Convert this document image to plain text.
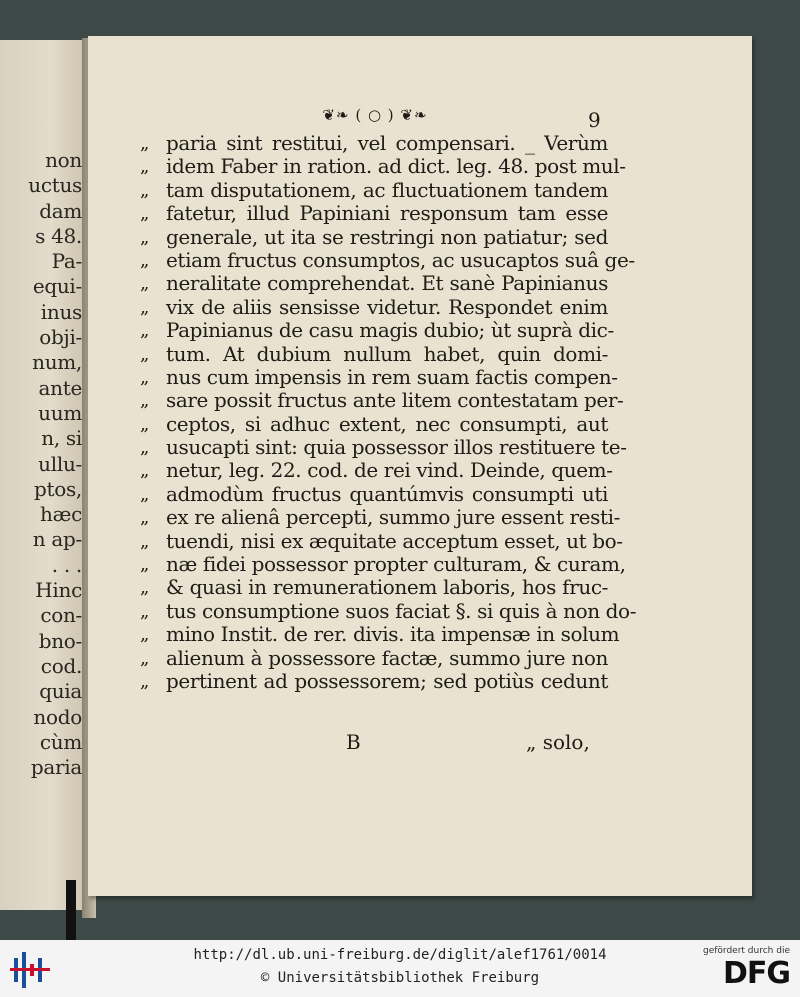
non
uctus
dam
s 48.
Pa-
equi-
inus
obji-
num,
ante
uum
n, si
ullu-
ptos,
hæc
n ap-
. . .
Hinc
con-
bno-
cod.
quia
nodo
cùm
paria
❦❧ ( ○ ) ❦❧	9
„ paria sint restitui, vel compensari. _ Verùm
„ idem Faber in ration. ad dict. leg. 48. post mul-
„ tam disputationem, ac fluctuationem tandem
„ fatetur, illud Papiniani responsum tam esse
„ generale, ut ita se restringi non patiatur; sed
„ etiam fructus consumptos, ac usucaptos suâ ge-
„ neralitate comprehendat. Et sanè Papinianus
„ vix de aliis sensisse videtur. Respondet enim
„ Papinianus de casu magis dubio; ùt suprà dic-
„ tum. At dubium nullum habet, quin domi-
„ nus cum impensis in rem suam factis compen-
„ sare possit fructus ante litem contestatam per-
„ ceptos, si adhuc extent, nec consumpti, aut
„ usucapti sint: quia possessor illos restituere te-
„ netur, leg. 22. cod. de rei vind. Deinde, quem-
„ admodùm fructus quantúmvis consumpti uti
„ ex re alienâ percepti, summo jure essent resti-
„ tuendi, nisi ex æquitate acceptum esset, ut bo-
„ næ fidei possessor propter culturam, & curam,
„ & quasi in remunerationem laboris, hos fruc-
„ tus consumptione suos faciat §. si quis à non do-
„ mino Instit. de rer. divis. ita impensæ in solum
„ alienum à possessore factæ, summo jure non
„ pertinent ad possessorem; sed potiùs cedunt
B	„ solo,
http://dl.ub.uni-freiburg.de/diglit/alef1761/0014
© Universitätsbibliothek Freiburg
gefördert durch die
DFG
